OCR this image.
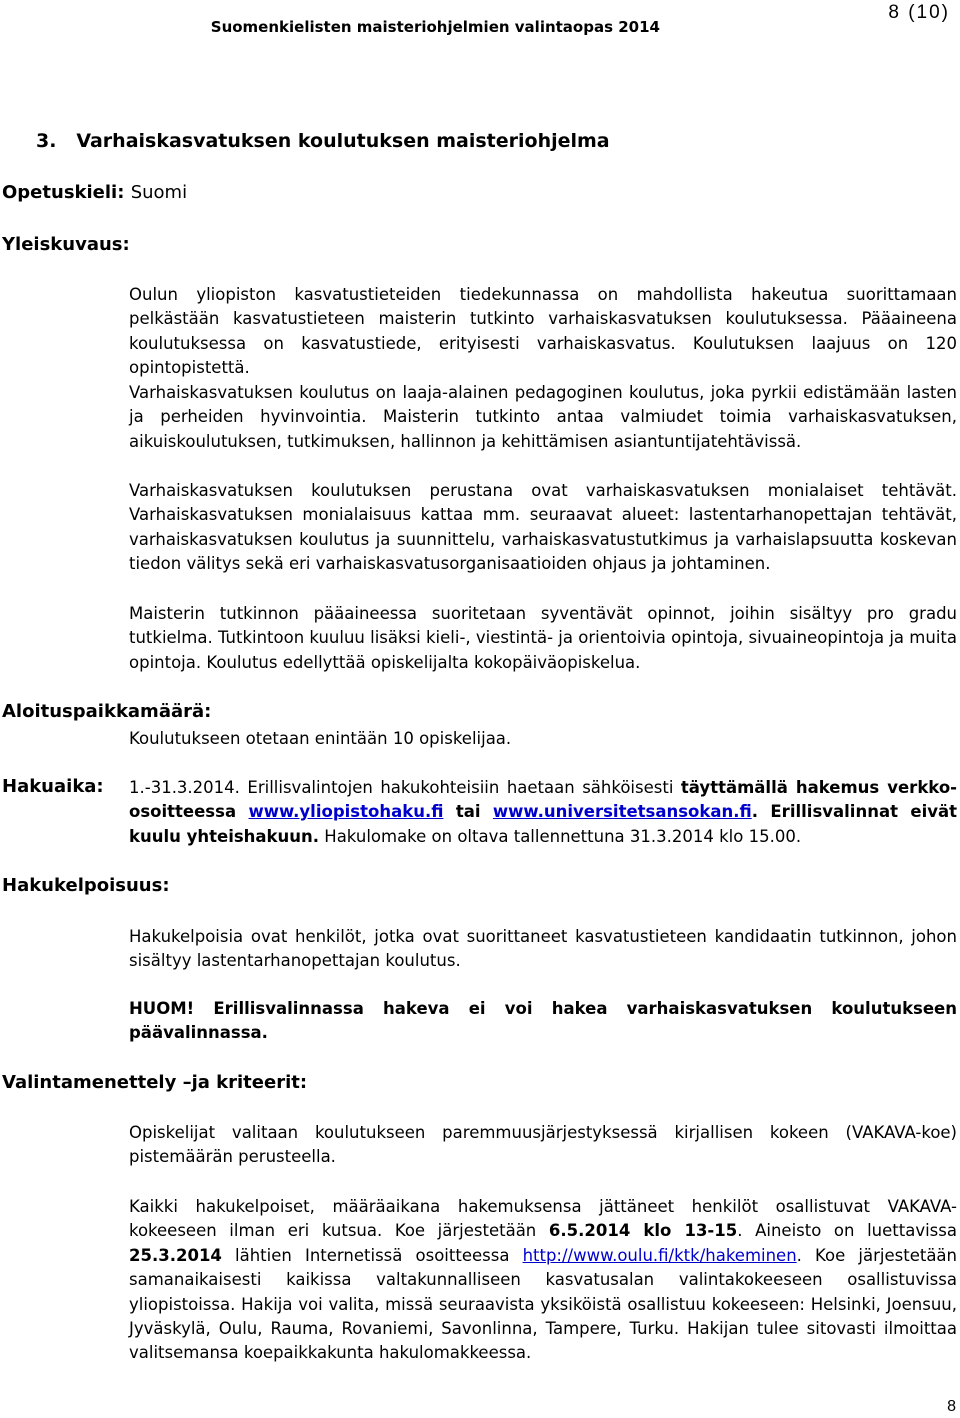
Suomenkielisten maisteriohjelmien valintaopas 2014
8 (10)
3. Varhaiskasvatuksen koulutuksen maisteriohjelma
Opetuskieli: Suomi
Yleiskuvaus:

Oulun yliopiston kasvatustieteiden tiedekunnassa on mahdollista hakeutua suorittamaan pelkästään kasvatustieteen maisterin tutkinto varhaiskasvatuksen koulutuksessa. Pääaineena koulutuksessa on kasvatustiede, erityisesti varhaiskasvatus. Koulutuksen laajuus on 120 opintopistettä.

Varhaiskasvatuksen koulutus on laaja-alainen pedagoginen koulutus, joka pyrkii edistämään lasten ja perheiden hyvinvointia. Maisterin tutkinto antaa valmiudet toimia varhaiskasvatuksen, aikuiskoulutuksen, tutkimuksen, hallinnon ja kehittämisen asiantuntijatehtävissä.

Varhaiskasvatuksen koulutuksen perustana ovat varhaiskasvatuksen monialaiset tehtävät. Varhaiskasvatuksen monialaisuus kattaa mm. seuraavat alueet: lastentarhanopettajan tehtävät, varhaiskasvatuksen koulutus ja suunnittelu, varhaiskasvatustutkimus ja varhaislapsuutta koskevan tiedon välitys sekä eri varhaiskasvatusorganisaatioiden ohjaus ja johtaminen.

Maisterin tutkinnon pääaineessa suoritetaan syventävät opinnot, joihin sisältyy pro gradu tutkielma. Tutkintoon kuuluu lisäksi kieli-, viestintä- ja orientoivia opintoja, sivuaineopintoja ja muita opintoja. Koulutus edellyttää opiskelijalta kokopäiväopiskelua.

Aloituspaikkamäärä:
Koulutukseen otetaan enintään 10 opiskelijaa.
Hakuaika: 1.-31.3.2014. Erillisvalintojen hakukohteisiin haetaan sähköisesti täyttämällä hakemus verkko-osoitteessa www.yliopistohaku.fi tai www.universitetsansokan.fi. Erillisvalinnat eivät kuulu yhteishakuun. Hakulomake on oltava tallennettuna 31.3.2014 klo 15.00.
Hakukelpoisuus:
Hakukelpoisia ovat henkilöt, jotka ovat suorittaneet kasvatustieteen kandidaatin tutkinnon, johon sisältyy lastentarhanopettajan koulutus.
HUOM! Erillisvalinnassa hakeva ei voi hakea varhaiskasvatuksen koulutukseen päävalinnassa.
Valintamenettely –ja kriteerit:
Opiskelijat valitaan koulutukseen paremmuusjärjestyksessä kirjallisen kokeen (VAKAVA-koe) pistemäärän perusteella.
Kaikki hakukelpoiset, määräaikana hakemuksensa jättäneet henkilöt osallistuvat VAKAVA-kokeeseen ilman eri kutsua. Koe järjestetään 6.5.2014 klo 13-15. Aineisto on luettavissa 25.3.2014 lähtien Internetissä osoitteessa http://www.oulu.fi/ktk/hakeminen. Koe järjestetään samanaikaisesti kaikissa valtakunnalliseen kasvatusalan valintakokeeseen osallistuvissa yliopistoissa. Hakija voi valita, missä seuraavista yksiköistä osallistuu kokeeseen: Helsinki, Joensuu, Jyväskylä, Oulu, Rauma, Rovaniemi, Savonlinna, Tampere, Turku. Hakijan tulee sitovasti ilmoittaa valitsemansa koepaikkakunta hakulomakkeessa.
8
